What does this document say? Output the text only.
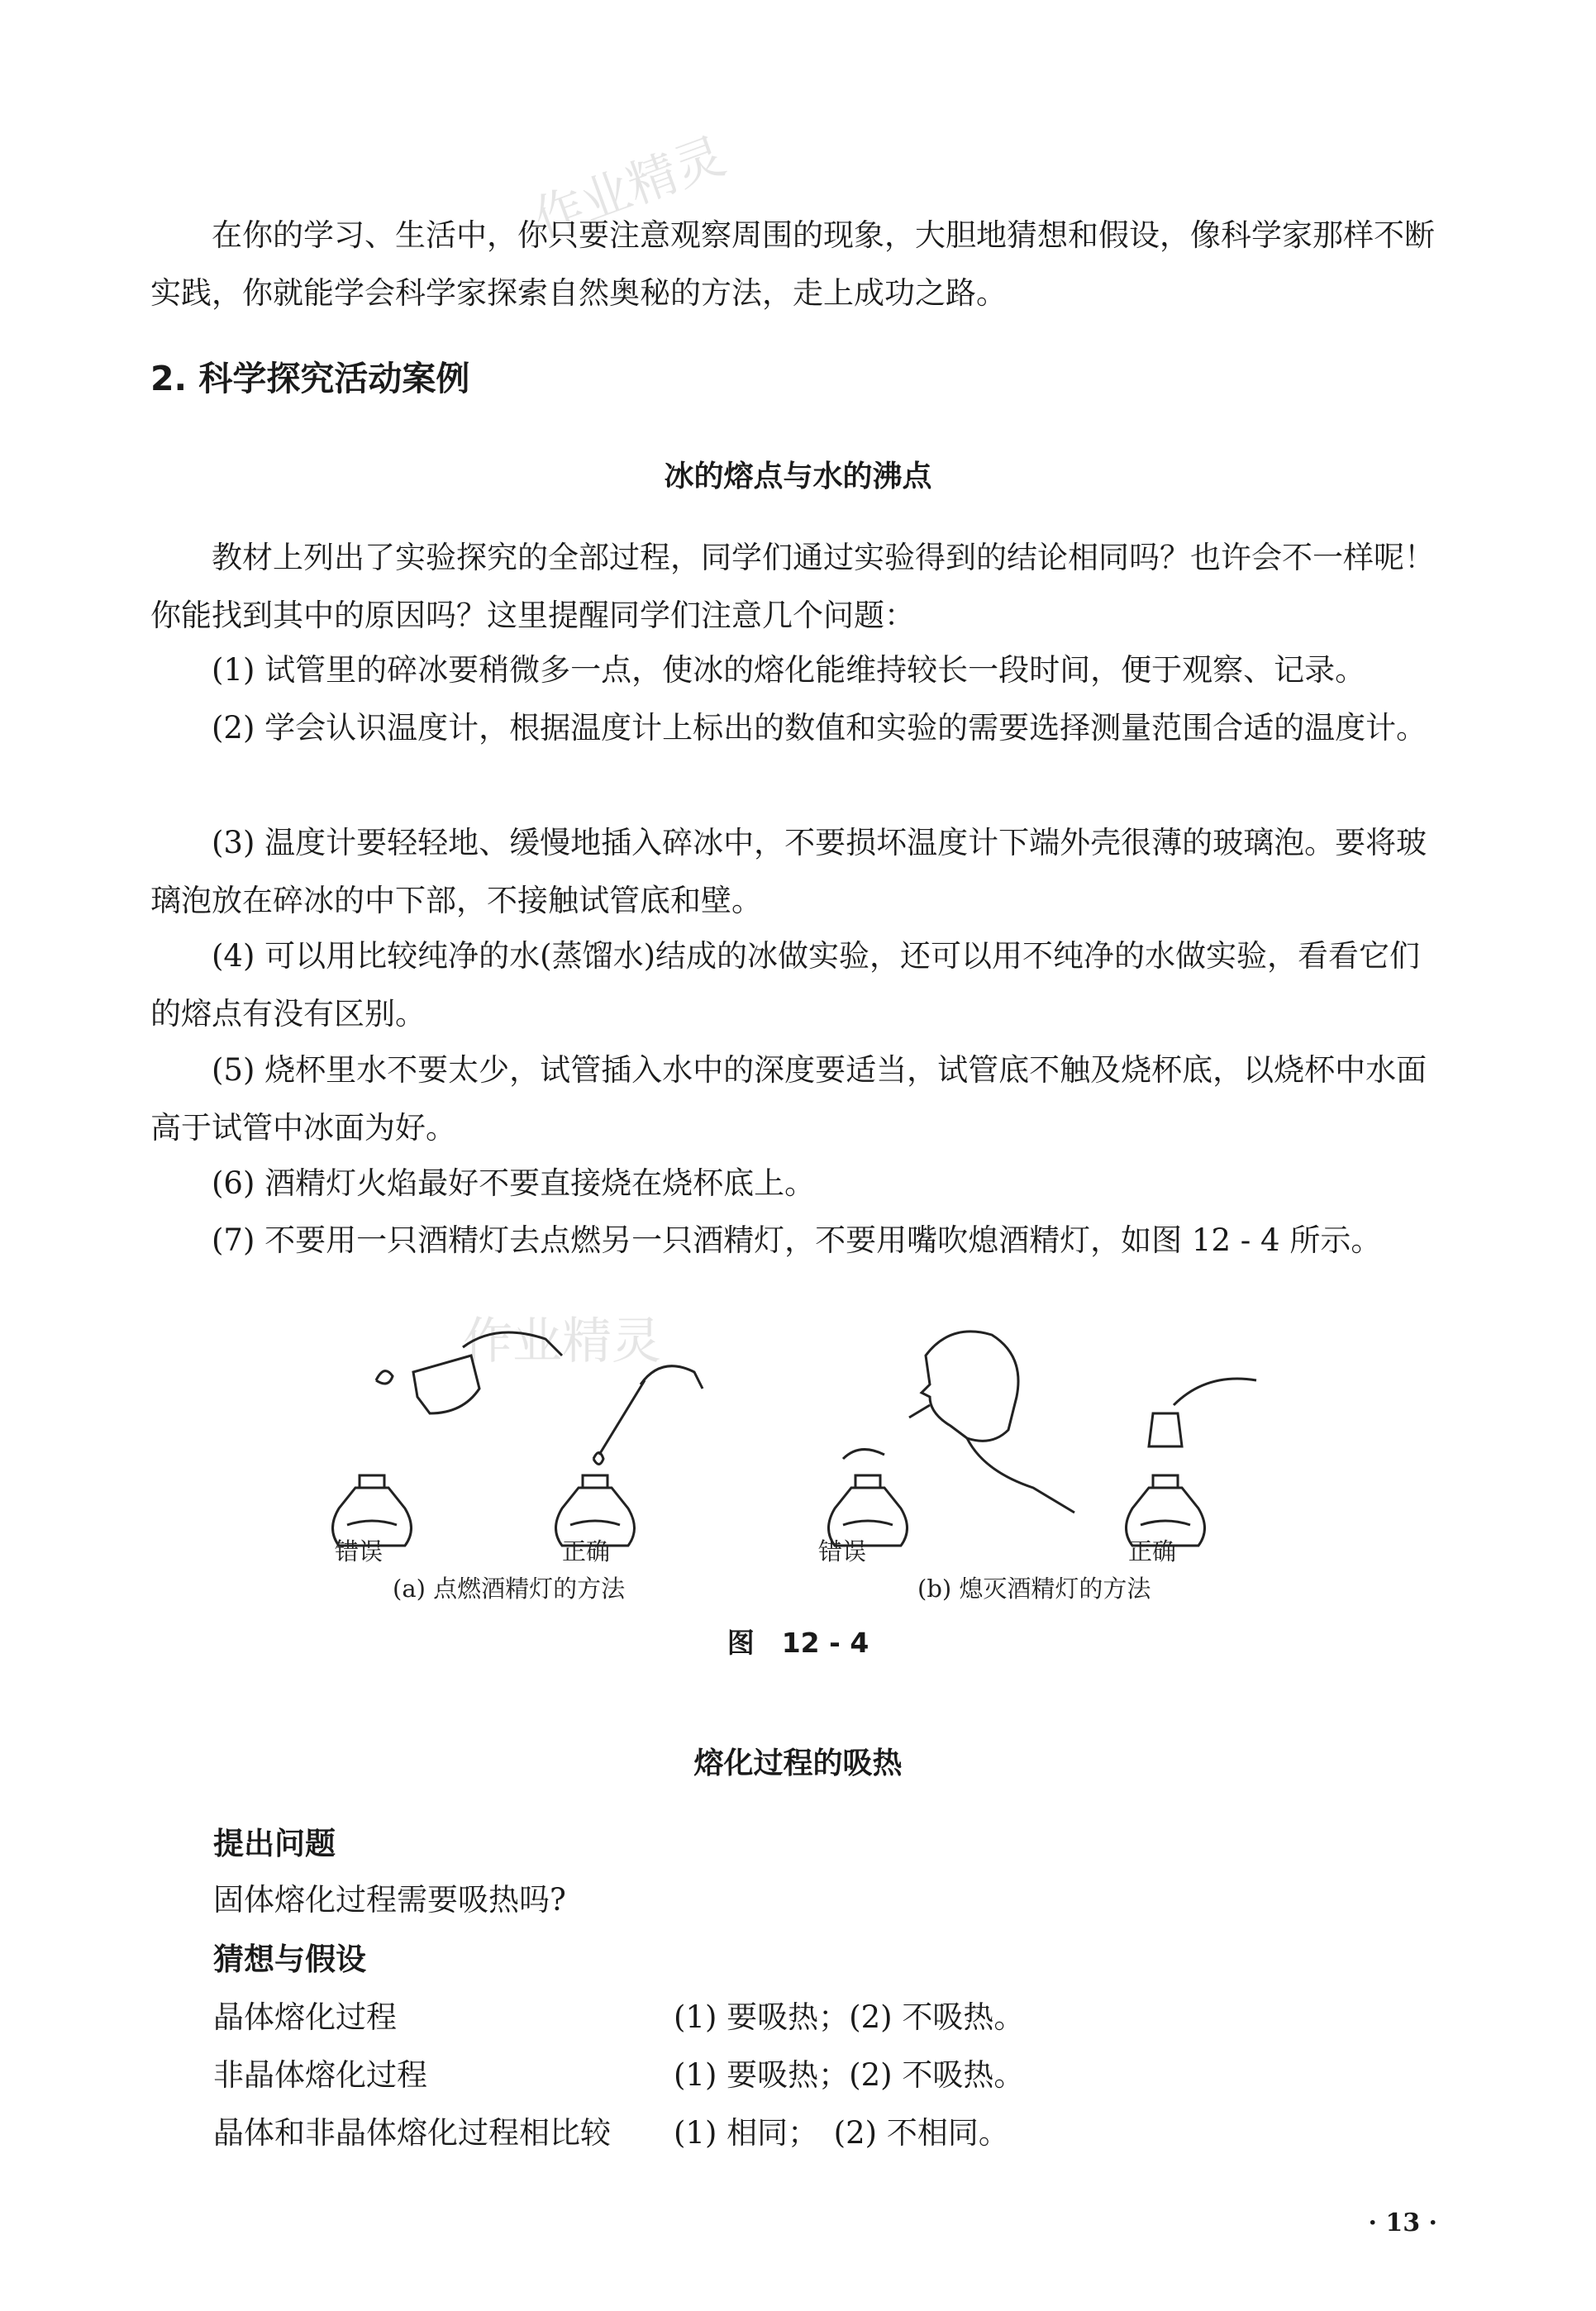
作业精灵

在你的学习、生活中，你只要注意观察周围的现象，大胆地猜想和假设，像科学家那样不断实践，你就能学会科学家探索自然奥秘的方法，走上成功之路。

2. 科学探究活动案例

冰的熔点与水的沸点

教材上列出了实验探究的全部过程，同学们通过实验得到的结论相同吗？也许会不一样呢！你能找到其中的原因吗？这里提醒同学们注意几个问题：

(1) 试管里的碎冰要稍微多一点，使冰的熔化能维持较长一段时间，便于观察、记录。

(2) 学会认识温度计，根据温度计上标出的数值和实验的需要选择测量范围合适的温度计。

(3) 温度计要轻轻地、缓慢地插入碎冰中，不要损坏温度计下端外壳很薄的玻璃泡。要将玻璃泡放在碎冰的中下部，不接触试管底和壁。

(4) 可以用比较纯净的水(蒸馏水)结成的冰做实验，还可以用不纯净的水做实验，看看它们的熔点有没有区别。

(5) 烧杯里水不要太少，试管插入水中的深度要适当，试管底不触及烧杯底，以烧杯中水面高于试管中冰面为好。

(6) 酒精灯火焰最好不要直接烧在烧杯底上。

(7) 不要用一只酒精灯去点燃另一只酒精灯，不要用嘴吹熄酒精灯，如图 12 - 4 所示。

作业精灵
错误	正确	错误	正确
(a) 点燃酒精灯的方法	(b) 熄灭酒精灯的方法
图　12 - 4

熔化过程的吸热

提出问题
固体熔化过程需要吸热吗?
猜想与假设
晶体熔化过程	(1) 要吸热；(2) 不吸热。
非晶体熔化过程	(1) 要吸热；(2) 不吸热。
晶体和非晶体熔化过程相比较 (1) 相同；　(2) 不相同。
· 13 ·
